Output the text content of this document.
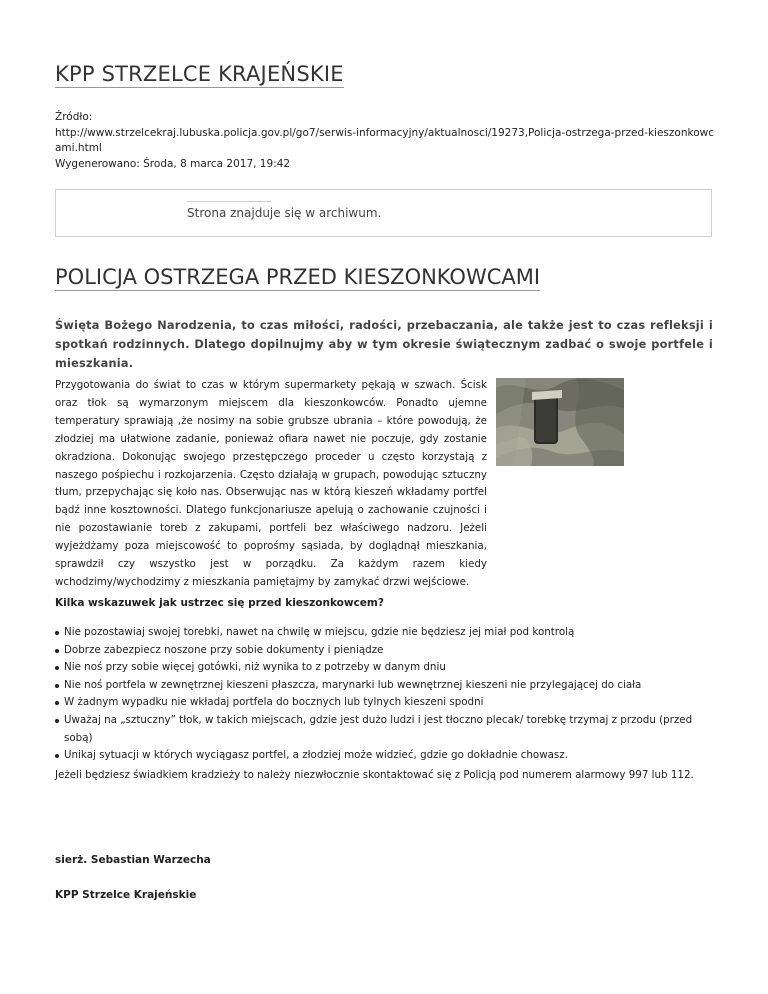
KPP STRZELCE KRAJEŃSKIE
Źródło:
http://www.strzelcekraj.lubuska.policja.gov.pl/go7/serwis-informacyjny/aktualnosci/19273,Policja-ostrzega-przed-kieszonkowc
ami.html
Wygenerowano: Środa, 8 marca 2017, 19:42
Strona znajduje się w archiwum.
POLICJA OSTRZEGA PRZED KIESZONKOWCAMI

Święta Bożego Narodzenia, to czas miłości, radości, przebaczania, ale także jest to czas refleksji i spotkań rodzinnych. Dlatego dopilnujmy aby w tym okresie świątecznym zadbać o swoje portfele i mieszkania.

Przygotowania do świat to czas w którym supermarkety pękają w szwach. Ścisk oraz tłok są wymarzonym miejscem dla kieszonkowców. Ponadto ujemne temperatury sprawiają ,że nosimy na sobie grubsze ubrania – które powodują, że złodziej ma ułatwione zadanie, ponieważ ofiara nawet nie poczuje, gdy zostanie okradziona. Dokonując swojego przestępczego proceder u często korzystają z naszego pośpiechu i rozkojarzenia. Często działają w grupach, powodując sztuczny tłum, przepychając się koło nas. Obserwując nas w którą kieszeń wkładamy portfel bądź inne kosztowności. Dlatego funkcjonariusze apelują o zachowanie czujności i nie pozostawianie toreb z zakupami, portfeli bez właściwego nadzoru. Jeżeli wyjeżdżamy poza miejscowość to poprośmy sąsiada, by doglądnął mieszkania, sprawdził czy wszystko jest w porządku. Za każdym razem kiedy wchodzimy/wychodzimy z mieszkania pamiętajmy by zamykać drzwi wejściowe.

Kilka wskazuwek jak ustrzec się przed kieszonkowcem?

Nie pozostawiaj swojej torebki, nawet na chwilę w miejscu, gdzie nie będziesz jej miał pod kontrolą
Dobrze zabezpiecz noszone przy sobie dokumenty i pieniądze
Nie noś przy sobie więcej gotówki, niż wynika to z potrzeby w danym dniu
Nie noś portfela w zewnętrznej kieszeni płaszcza, marynarki lub wewnętrznej kieszeni nie przylegającej do ciała
W żadnym wypadku nie wkładaj portfela do bocznych lub tylnych kieszeni spodni
Uważaj na „sztuczny” tłok, w takich miejscach, gdzie jest dużo ludzi i jest tłoczno plecak/ torebkę trzymaj z przodu (przed sobą)
Unikaj sytuacji w których wyciągasz portfel, a złodziej może widzieć, gdzie go dokładnie chowasz.

Jeżeli będziesz świadkiem kradzieży to należy niezwłocznie skontaktować się z Policją pod numerem alarmowy 997 lub 112.

sierż. Sebastian Warzecha

KPP Strzelce Krajeńskie
